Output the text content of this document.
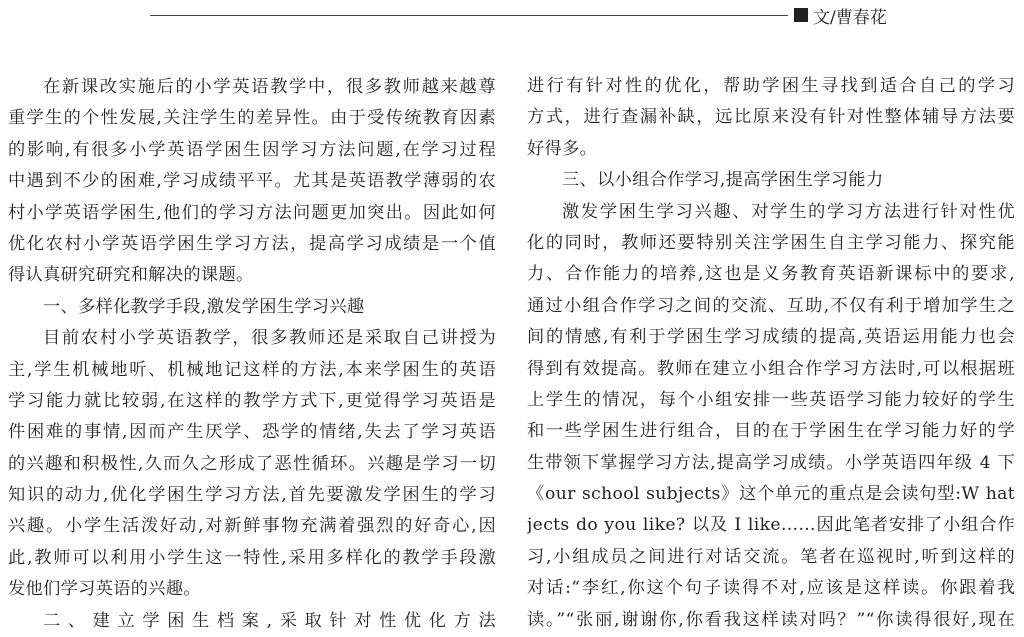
文/曹春花
在新课改实施后的小学英语教学中，很多教师越来越尊
重学生的个性发展,关注学生的差异性。由于受传统教育因素
的影响,有很多小学英语学困生因学习方法问题,在学习过程
中遇到不少的困难,学习成绩平平。尤其是英语教学薄弱的农
村小学英语学困生,他们的学习方法问题更加突出。因此如何
优化农村小学英语学困生学习方法，提高学习成绩是一个值
得认真研究研究和解决的课题。
一、多样化教学手段,激发学困生学习兴趣
目前农村小学英语教学，很多教师还是采取自己讲授为
主,学生机械地听、机械地记这样的方法,本来学困生的英语
学习能力就比较弱,在这样的教学方式下,更觉得学习英语是
件困难的事情,因而产生厌学、恐学的情绪,失去了学习英语
的兴趣和积极性,久而久之形成了恶性循环。兴趣是学习一切
知识的动力,优化学困生学习方法,首先要激发学困生的学习
兴趣。小学生活泼好动,对新鲜事物充满着强烈的好奇心,因
此,教师可以利用小学生这一特性,采用多样化的教学手段激
发他们学习英语的兴趣。
二、建立学困生档案,采取针对性优化方法
进行有针对性的优化，帮助学困生寻找到适合自己的学习
方式，进行查漏补缺，远比原来没有针对性整体辅导方法要
好得多。
三、以小组合作学习,提高学困生学习能力
激发学困生学习兴趣、对学生的学习方法进行针对性优
化的同时，教师还要特别关注学困生自主学习能力、探究能
力、合作能力的培养,这也是义务教育英语新课标中的要求,
通过小组合作学习之间的交流、互助,不仅有利于增加学生之
间的情感,有利于学困生学习成绩的提高,英语运用能力也会
得到有效提高。教师在建立小组合作学习方法时,可以根据班
上学生的情况，每个小组安排一些英语学习能力较好的学生
和一些学困生进行组合，目的在于学困生在学习能力好的学
生带领下掌握学习方法,提高学习成绩。小学英语四年级 4 下
《our school subjects》这个单元的重点是会读句型:W hat
jects do you like? 以及 I like……因此笔者安排了小组合作
习,小组成员之间进行对话交流。笔者在巡视时,听到这样的
对话:“李红,你这个句子读得不对,应该是这样读。你跟着我
读。”“张丽,谢谢你,你看我这样读对吗？”“你读得很好,现在
